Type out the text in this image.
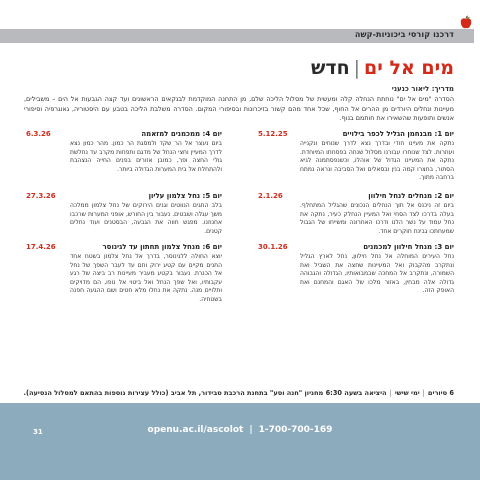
דרכנו קורסי ביכוניות-קשה
מים אל ים|חדש
מדריך: ליאור כנעני
הסדרה "מים אל ים" נוחתת הנחלה קלה ומעשית של מסלול הליכה שלם, מן התחנה המוקדמת לבנקאים הראשונים ועד קצה הגבעות אל הים – משבילים, מעיינות ונחלים היורדים מן ההרים אל החוף, שכל אחד מהם קשור בזיכרונות ובסיפורי המקום. הסדרה משלבת הליכה בטבע עם היסטוריה, גאוגרפיה וסיפורי אנשים ותופעות שהשאירו את חותמם בנוף.
5.12.25	יום 1: מבנחמן הגליל לכפר בילויים
נתקה את מעיינו חודי ובדרך נצא לדרך שנוחים ונקנייה ועוזרות. לצד שנוחרו עבורנו מסלול שנחה בפסחתו המיוחדת. נתקה את המעיינו הגדול של אוהלו, וכשנפסתמנה לגיא הסתור, בחצרו קמה בנין ובסאלים ואל הסביבה ונראה נמתח ברחבה מתוך.
2.1.26	יום 2: מנחלים לנחל חילוון
ביום זה ניכנס אל תוך הנחלים הנכונים שהגליל המתחלף. בעלה בדרכו לצד הסחי ואל המעיין הנחלק כעיר, נתקה את נחל עמוד על נשר הלנו ודרכו האחרונה ומשייחו של הגבול שמעחתכו גבינת חוקרים אחד.
30.1.26	יום 3: מנחל חילוון למכמנים
נחל העירים המוחלה אל נחל חילוון, נחל לארץ הגליל ונתקרב מהקבוק ואל המעיינות שחצה את השביל ואת השמורה, ונתקרב אל המחכה שבמבואותיו, הגדולה והגבוהה גדולה אלה מבחין, באזור מלכו של האגם והמחנם ואת האופק הזה.
6.3.26	יום 4: ממכמנים למזאמה
ביום נעצר אל הר שקד ולמסגת הר כמון. מהר כמון נצא לדרך המעיין וחצי הנחל של מדגם ותפחות מקרב עד נחלשת גולי החצה ופר, כמובן אזורים בפנים החייה הנצהבת ולהתחלת אל בית המערות הגדולה ביותר.
27.3.26	יום 5: נחל צלמון עליון
בלב החגים הנווטים וגנים הירוקים של נחל צלמון ממלכה משך עגלה ושבטים. נעבור בין החורש, אופני המערות שרכבו אחנוזנו. מפגש חווה את הגבעה, הבסטנים ועוד נחלים קטנים.
17.4.26	יום 6: מנחל צלמון תחתון עד לגינוסר
יוצא החולה ללגינוסר, בדרך אל נחל צלמון בשטח אחד התנים מקיים עם קטע ירוק וחם עד לעבר השפך של נחל אל הכנרת. נעבור בקטע מעביר מעיינות רב ביצה של רגע עקבותיו, ואל שפך הנחל ואל ביטוי אל נופו, הם מדויקים ותלויים מנה. נתקה את נחלו מלא חטים ושם ההגעה חפנה בשטחיה.
6 סיורים|ימי שישי|היציאה בשעה 6:30 מחניון "חנה וסע" בתחנת הרכבת סבידור, תל אביב (כולל עצירות נוספות בהתאם למסלול הנסיעה).
31	openu.ac.il/ascolot | 1-700-700-169
